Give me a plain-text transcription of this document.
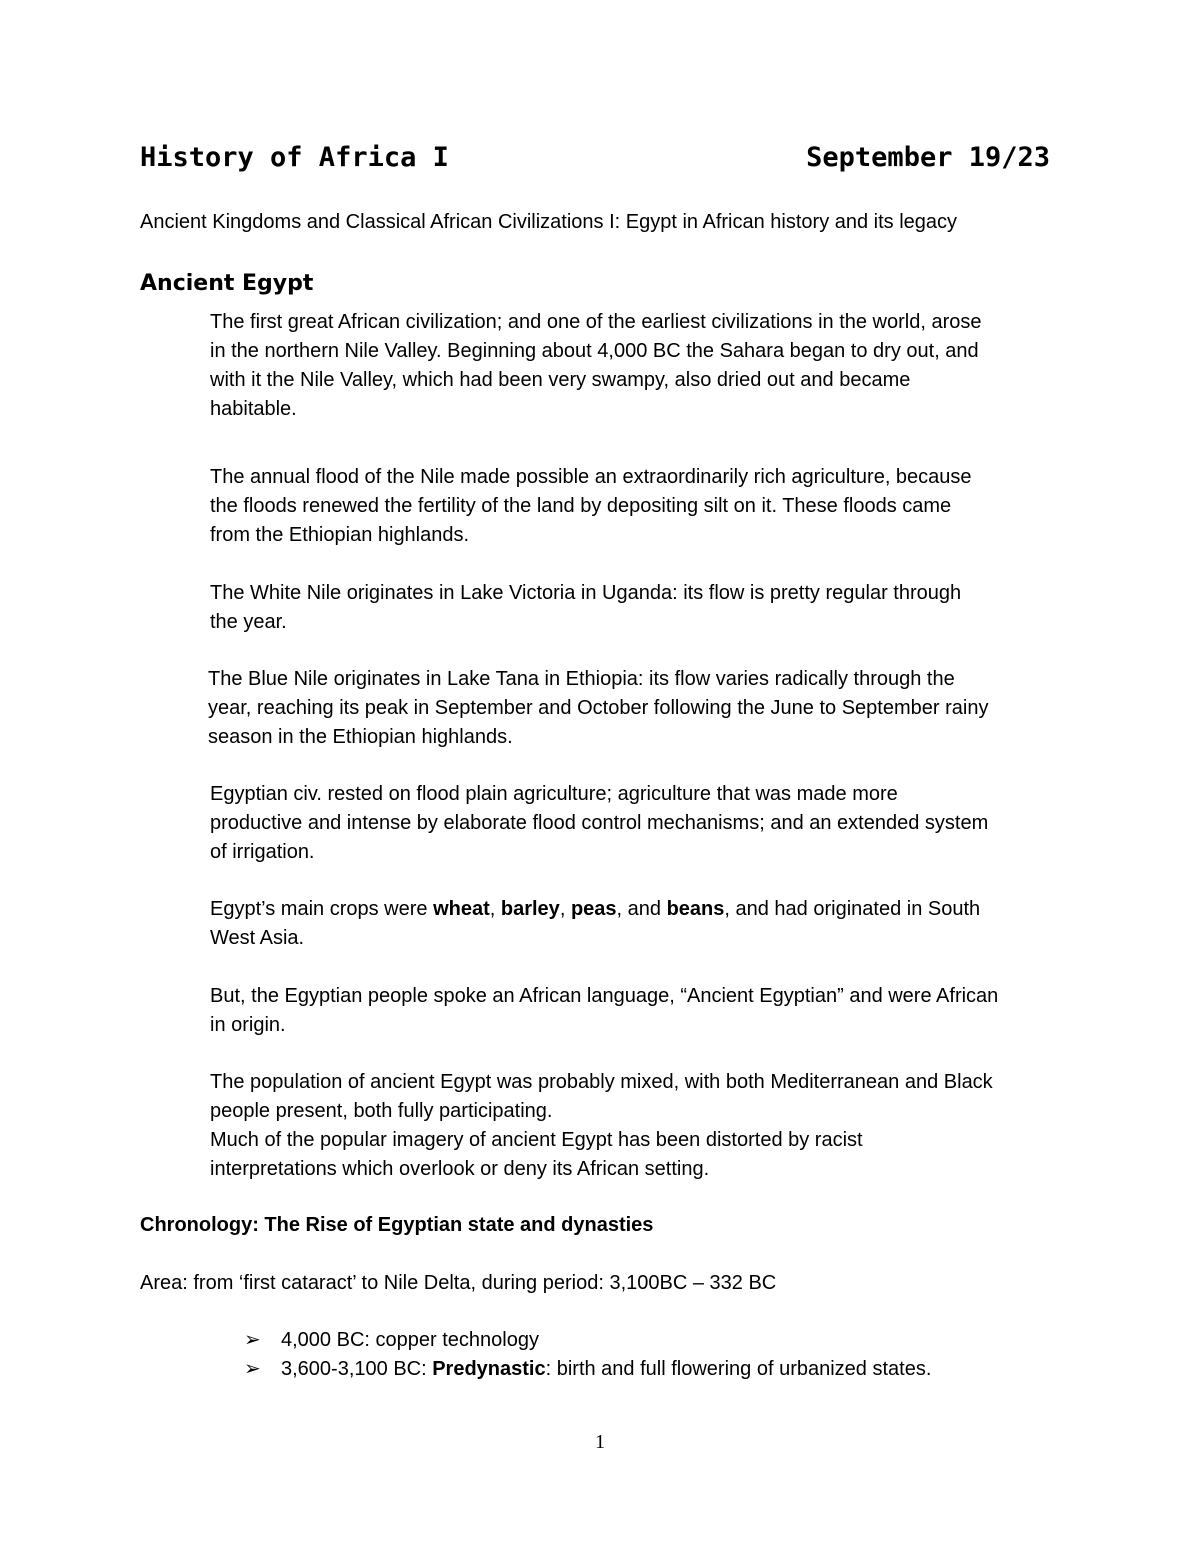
History of Africa I	September 19/23
Ancient Kingdoms and Classical African Civilizations I: Egypt in African history and its legacy
Ancient Egypt

The first great African civilization; and one of the earliest civilizations in the world, arose
in the northern Nile Valley. Beginning about 4,000 BC the Sahara began to dry out, and
with it the Nile Valley, which had been very swampy, also dried out and became
habitable.

The annual flood of the Nile made possible an extraordinarily rich agriculture, because
the floods renewed the fertility of the land by depositing silt on it. These floods came
from the Ethiopian highlands.

The White Nile originates in Lake Victoria in Uganda: its flow is pretty regular through
the year.

The Blue Nile originates in Lake Tana in Ethiopia: its flow varies radically through the
year, reaching its peak in September and October following the June to September rainy
season in the Ethiopian highlands.

Egyptian civ. rested on flood plain agriculture; agriculture that was made more
productive and intense by elaborate flood control mechanisms; and an extended system
of irrigation.

Egypt’s main crops were wheat, barley, peas, and beans, and had originated in South
West Asia.

But, the Egyptian people spoke an African language, “Ancient Egyptian” and were African
in origin.

The population of ancient Egypt was probably mixed, with both Mediterranean and Black
people present, both fully participating.
Much of the popular imagery of ancient Egypt has been distorted by racist
interpretations which overlook or deny its African setting.

Chronology: The Rise of Egyptian state and dynasties
Area: from ‘first cataract’ to Nile Delta, during period: 3,100BC – 332 BC
➢ 4,000 BC: copper technology
➢ 3,600-3,100 BC: Predynastic: birth and full flowering of urbanized states.
1
